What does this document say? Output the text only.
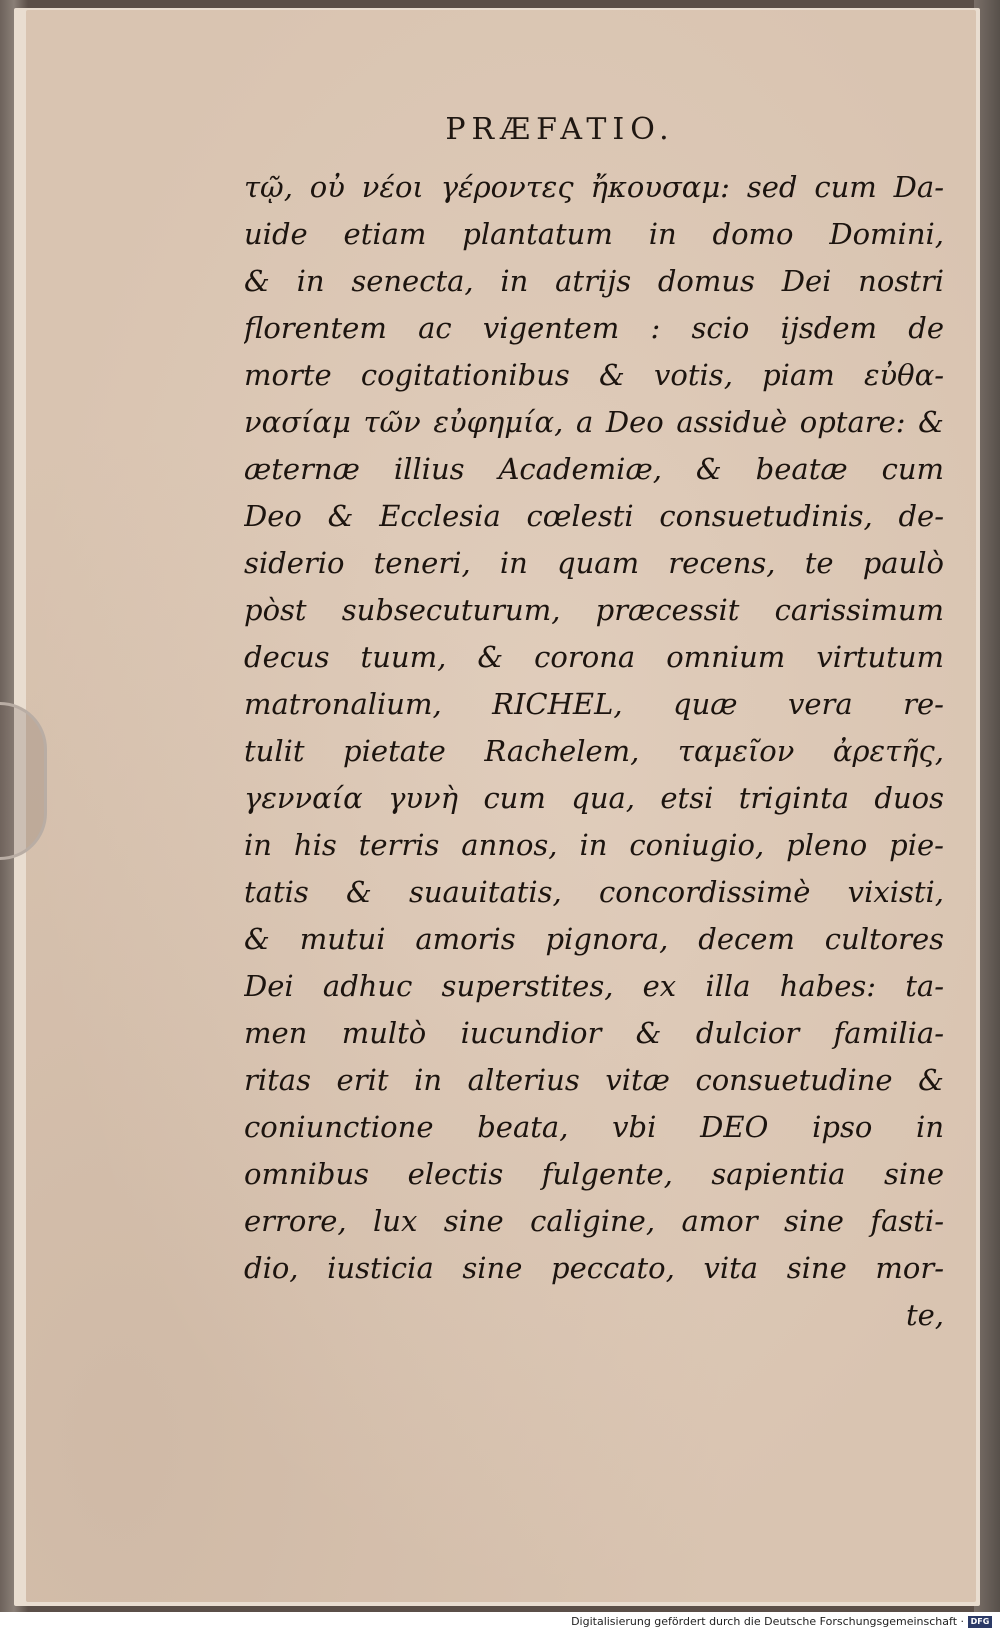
PRÆFATIO.
τῷ, οὐ νέοι γέροντες ἤκουσαμ: sed cum Da-
uide etiam plantatum in domo Domini,
& in senecta, in atrijs domus Dei nostri
florentem ac vigentem : scio ijsdem de
morte cogitationibus & votis, piam εὐθα-
νασίαμ τῶν εὐφημία, a Deo assiduè optare: &
æternæ illius Academiæ, & beatæ cum
Deo & Ecclesia cœlesti consuetudinis, de-
siderio teneri, in quam recens, te paulò
pòst subsecuturum, præcessit carissimum
decus tuum, & corona omnium virtutum
matronalium, RICHEL, quæ vera re-
tulit pietate Rachelem, ταμεῖον ἀρετῆς,
γενναία γυνὴ cum qua, etsi triginta duos
in his terris annos, in coniugio, pleno pie-
tatis & suauitatis, concordissimè vixisti,
& mutui amoris pignora, decem cultores
Dei adhuc superstites, ex illa habes: ta-
men multò iucundior & dulcior familia-
ritas erit in alterius vitæ consuetudine &
coniunctione beata, vbi DEO ipso in
omnibus electis fulgente, sapientia sine
errore, lux sine caligine, amor sine fasti-
dio, iusticia sine peccato, vita sine mor-
te,
Digitalisierung gefördert durch die Deutsche Forschungsgemeinschaft · DFG
